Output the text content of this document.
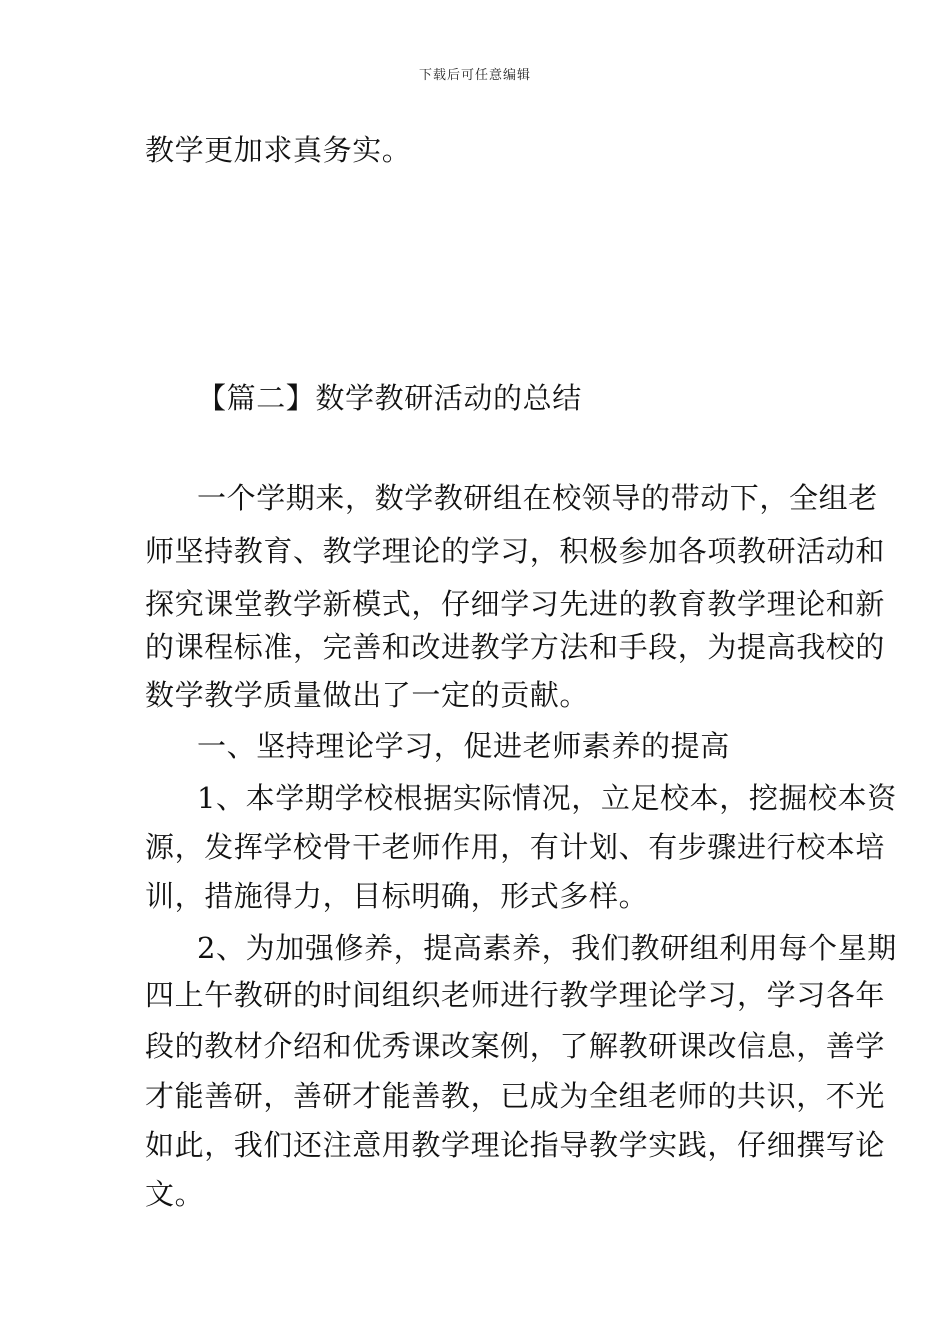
下载后可任意编辑
教学更加求真务实。
【篇二】数学教研活动的总结
一个学期来，数学教研组在校领导的带动下，全组老
师坚持教育、教学理论的学习，积极参加各项教研活动和
探究课堂教学新模式，仔细学习先进的教育教学理论和新
的课程标准，完善和改进教学方法和手段，为提高我校的
数学教学质量做出了一定的贡献。
一、坚持理论学习，促进老师素养的提高
1、本学期学校根据实际情况，立足校本，挖掘校本资
源，发挥学校骨干老师作用，有计划、有步骤进行校本培
训，措施得力，目标明确，形式多样。
2、为加强修养，提高素养，我们教研组利用每个星期
四上午教研的时间组织老师进行教学理论学习，学习各年
段的教材介绍和优秀课改案例，了解教研课改信息，善学
才能善研，善研才能善教，已成为全组老师的共识，不光
如此，我们还注意用教学理论指导教学实践，仔细撰写论
文。
